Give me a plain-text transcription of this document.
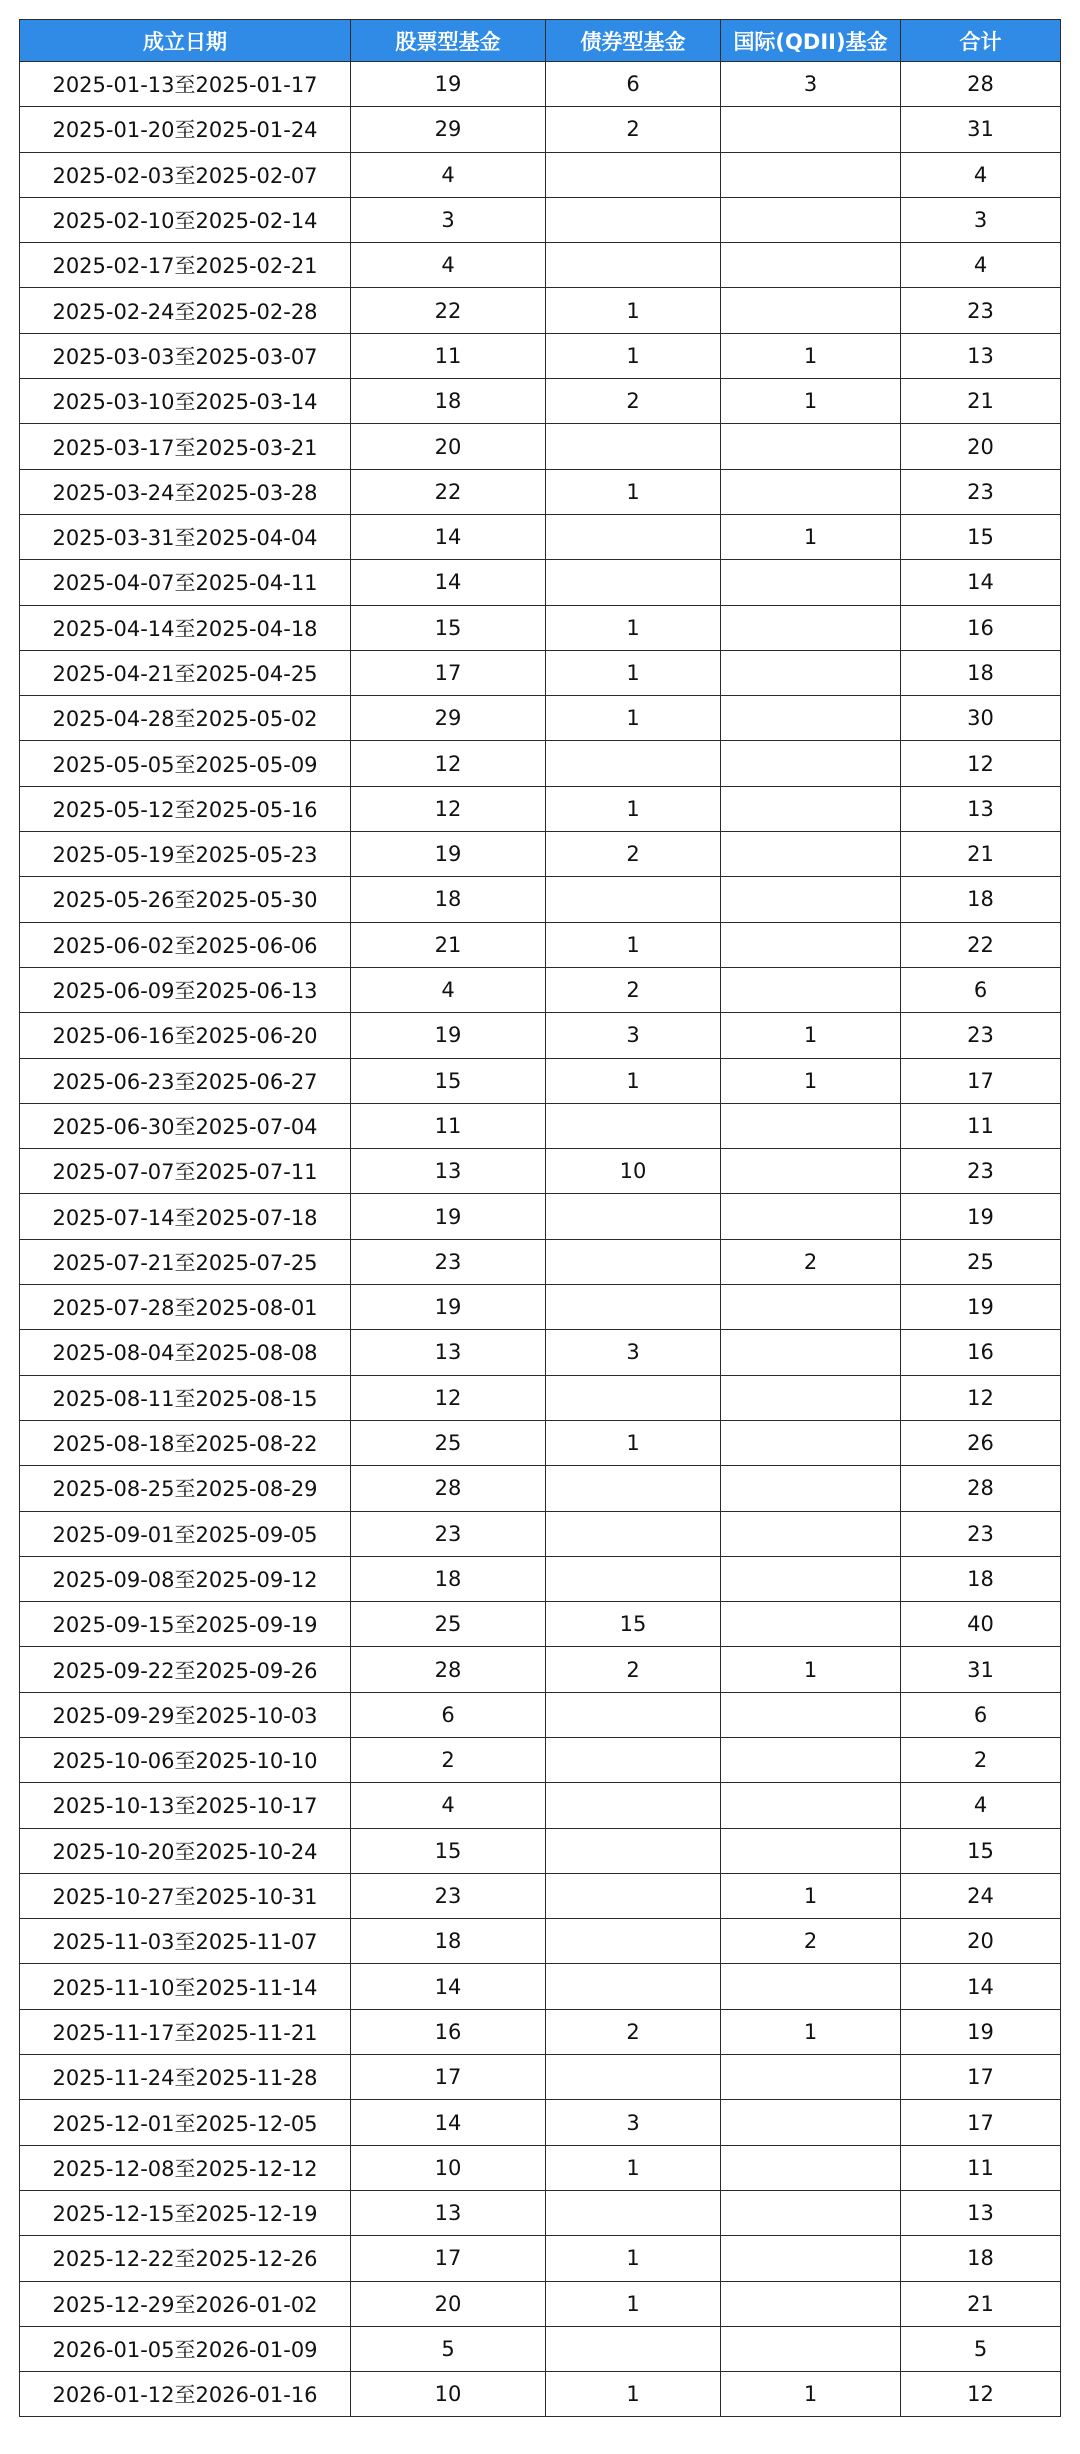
成立日期	股票型基金	债券型基金	国际(QDII)基金	合计
2025-01-13至2025-01-17	19	6	3	28
2025-01-20至2025-01-24	29	2		31
2025-02-03至2025-02-07	4			4
2025-02-10至2025-02-14	3			3
2025-02-17至2025-02-21	4			4
2025-02-24至2025-02-28	22	1		23
2025-03-03至2025-03-07	11	1	1	13
2025-03-10至2025-03-14	18	2	1	21
2025-03-17至2025-03-21	20			20
2025-03-24至2025-03-28	22	1		23
2025-03-31至2025-04-04	14		1	15
2025-04-07至2025-04-11	14			14
2025-04-14至2025-04-18	15	1		16
2025-04-21至2025-04-25	17	1		18
2025-04-28至2025-05-02	29	1		30
2025-05-05至2025-05-09	12			12
2025-05-12至2025-05-16	12	1		13
2025-05-19至2025-05-23	19	2		21
2025-05-26至2025-05-30	18			18
2025-06-02至2025-06-06	21	1		22
2025-06-09至2025-06-13	4	2		6
2025-06-16至2025-06-20	19	3	1	23
2025-06-23至2025-06-27	15	1	1	17
2025-06-30至2025-07-04	11			11
2025-07-07至2025-07-11	13	10		23
2025-07-14至2025-07-18	19			19
2025-07-21至2025-07-25	23		2	25
2025-07-28至2025-08-01	19			19
2025-08-04至2025-08-08	13	3		16
2025-08-11至2025-08-15	12			12
2025-08-18至2025-08-22	25	1		26
2025-08-25至2025-08-29	28			28
2025-09-01至2025-09-05	23			23
2025-09-08至2025-09-12	18			18
2025-09-15至2025-09-19	25	15		40
2025-09-22至2025-09-26	28	2	1	31
2025-09-29至2025-10-03	6			6
2025-10-06至2025-10-10	2			2
2025-10-13至2025-10-17	4			4
2025-10-20至2025-10-24	15			15
2025-10-27至2025-10-31	23		1	24
2025-11-03至2025-11-07	18		2	20
2025-11-10至2025-11-14	14			14
2025-11-17至2025-11-21	16	2	1	19
2025-11-24至2025-11-28	17			17
2025-12-01至2025-12-05	14	3		17
2025-12-08至2025-12-12	10	1		11
2025-12-15至2025-12-19	13			13
2025-12-22至2025-12-26	17	1		18
2025-12-29至2026-01-02	20	1		21
2026-01-05至2026-01-09	5			5
2026-01-12至2026-01-16	10	1	1	12
